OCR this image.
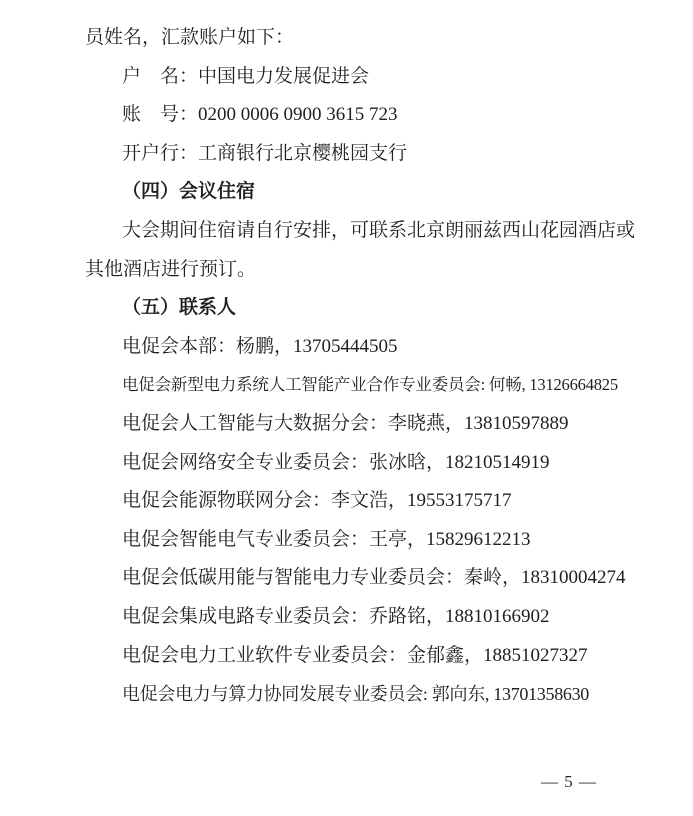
员姓名，汇款账户如下：

户　名：中国电力发展促进会

账　号：0200 0006 0900 3615 723

开户行：工商银行北京樱桃园支行

（四）会议住宿

大会期间住宿请自行安排，可联系北京朗丽兹西山花园酒店或

其他酒店进行预订。

（五）联系人

电促会本部：杨鹏，13705444505

电促会新型电力系统人工智能产业合作专业委员会: 何畅, 13126664825

电促会人工智能与大数据分会：李晓燕，13810597889

电促会网络安全专业委员会：张冰晗，18210514919

电促会能源物联网分会：李文浩，19553175717

电促会智能电气专业委员会：王亭，15829612213

电促会低碳用能与智能电力专业委员会：秦岭，18310004274

电促会集成电路专业委员会：乔路铭，18810166902

电促会电力工业软件专业委员会：金郁鑫，18851027327

电促会电力与算力协同发展专业委员会: 郭向东, 13701358630

— 5 —
